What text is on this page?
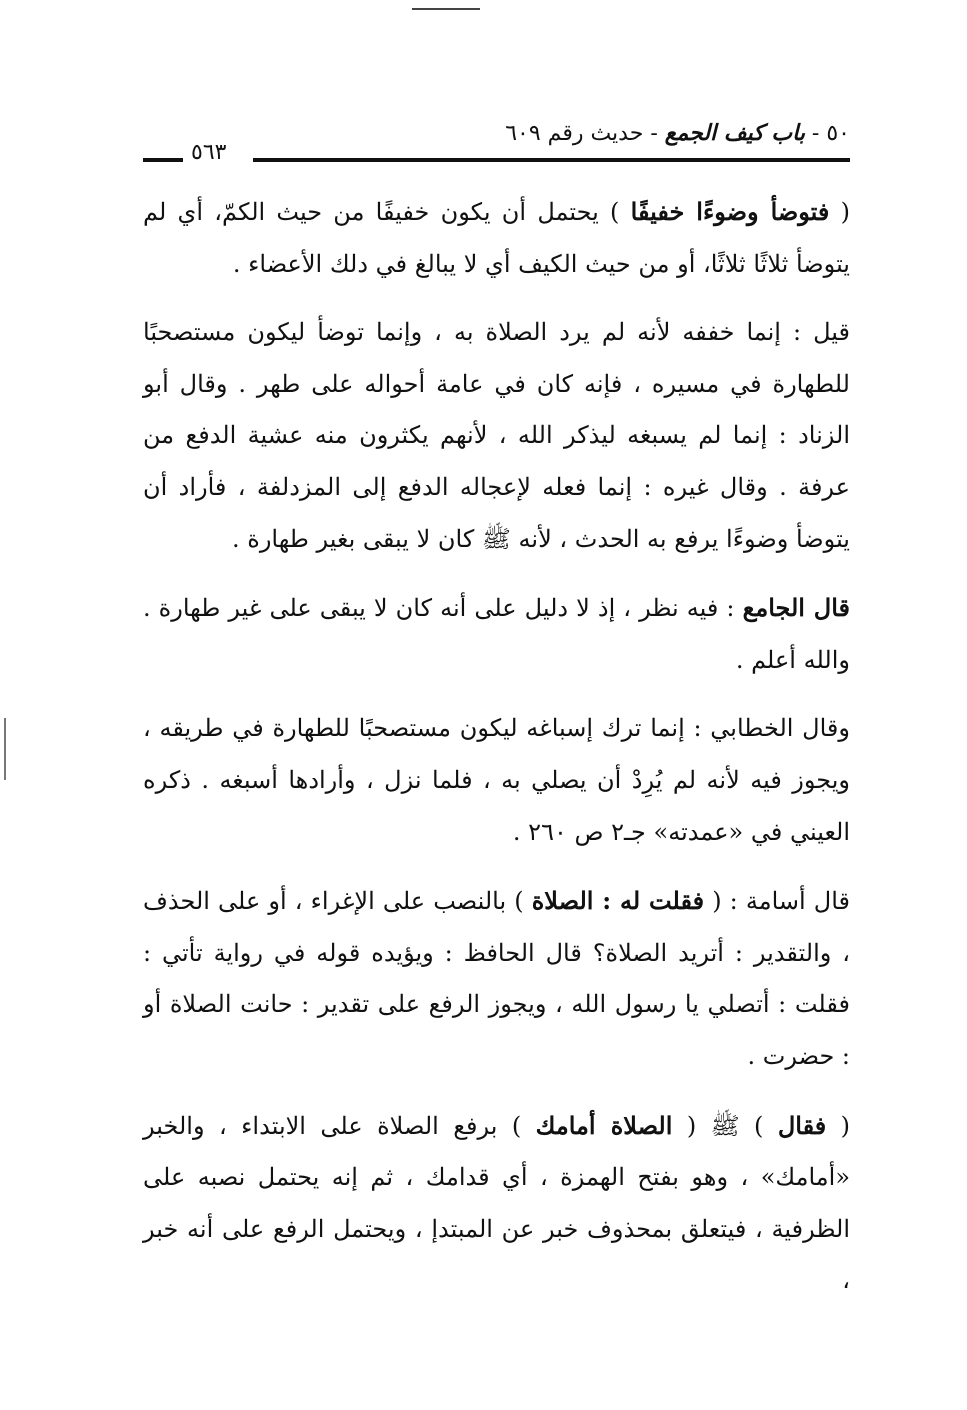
٥٠ - باب كيف الجمع - حديث رقم ٦٠٩
٥٦٣

( فتوضأ وضوءًا خفيفًا ) يحتمل أن يكون خفيفًا من حيث الكمّ، أي لم يتوضأ ثلاثًا ثلاثًا، أو من حيث الكيف أي لا يبالغ في دلك الأعضاء .

قيل : إنما خففه لأنه لم يرد الصلاة به ، وإنما توضأ ليكون مستصحبًا للطهارة في مسيره ، فإنه كان في عامة أحواله على طهر . وقال أبو الزناد : إنما لم يسبغه ليذكر الله ، لأنهم يكثرون منه عشية الدفع من عرفة . وقال غيره : إنما فعله لإعجاله الدفع إلى المزدلفة ، فأراد أن يتوضأ وضوءًا يرفع به الحدث ، لأنه ﷺ كان لا يبقى بغير طهارة .

قال الجامع : فيه نظر ، إذ لا دليل على أنه كان لا يبقى على غير طهارة . والله أعلم .

وقال الخطابي : إنما ترك إسباغه ليكون مستصحبًا للطهارة في طريقه ، ويجوز فيه لأنه لم يُرِدْ أن يصلي به ، فلما نزل ، وأرادها أسبغه . ذكره العيني في «عمدته» جـ٢ ص ٢٦٠ .

قال أسامة : ( فقلت له : الصلاة ) بالنصب على الإغراء ، أو على الحذف ، والتقدير : أتريد الصلاة؟ قال الحافظ : ويؤيده قوله في رواية تأتي : فقلت : أتصلي يا رسول الله ، ويجوز الرفع على تقدير : حانت الصلاة أو : حضرت .

( فقال ) ﷺ ( الصلاة أمامك ) برفع الصلاة على الابتداء ، والخبر «أمامك» ، وهو بفتح الهمزة ، أي قدامك ، ثم إنه يحتمل نصبه على الظرفية ، فيتعلق بمحذوف خبر عن المبتدإ ، ويحتمل الرفع على أنه خبر ،
